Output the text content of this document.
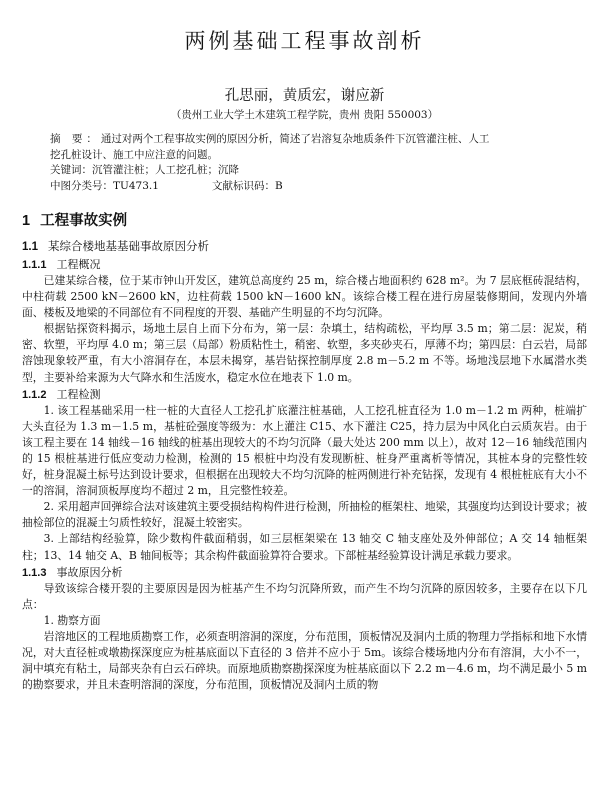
两例基础工程事故剖析
孔思丽，黄质宏，谢应新
（贵州工业大学土木建筑工程学院，贵州 贵阳 550003）

摘 要：通过对两个工程事故实例的原因分析，简述了岩溶复杂地质条件下沉管灌注桩、人工

挖孔桩设计、施工中应注意的问题。

关键词：沉管灌注桩；人工挖孔桩；沉降

中图分类号：TU473.1	文献标识码：B

1 工程事故实例
1.1 某综合楼地基基础事故原因分析
1.1.1 工程概况

已建某综合楼，位于某市钟山开发区，建筑总高度约 25 m，综合楼占地面积约 628 m²。为 7 层底框砖混结构，中柱荷载 2500 kN－2600 kN，边柱荷载 1500 kN－1600 kN。该综合楼工程在进行房屋装修期间，发现内外墙面、楼板及地梁的不同部位有不同程度的开裂、基础产生明显的不均匀沉降。

根据钻探资料揭示，场地土层自上而下分布为，第一层：杂填土，结构疏松，平均厚 3.5 m；第二层：泥炭，稍密、软塑，平均厚 4.0 m；第三层（局部）粉质粘性土，稍密、软塑，多夹砂夹石，厚薄不均；第四层：白云岩，局部溶蚀现象较严重，有大小溶洞存在，本层未揭穿，基岩钻探控制厚度 2.8 m－5.2 m 不等。场地浅层地下水属潜水类型，主要补给来源为大气降水和生活废水，稳定水位在地表下 1.0 m。

1.1.2 工程检测

1. 该工程基础采用一柱一桩的大直径人工挖孔扩底灌注桩基础，人工挖孔桩直径为 1.0 m－1.2 m 两种，桩端扩大头直径为 1.3 m－1.5 m，基桩砼强度等级为：水上灌注 C15、水下灌注 C25，持力层为中风化白云质灰岩。由于该工程主要在 14 轴线－16 轴线的桩基出现较大的不均匀沉降（最大处达 200 mm 以上），故对 12－16 轴线范围内的 15 根桩基进行低应变动力检测，检测的 15 根桩中均没有发现断桩、桩身严重离析等情况，其桩本身的完整性较好，桩身混凝土标号达到设计要求，但根据在出现较大不均匀沉降的桩两侧进行补充钻探，发现有 4 根桩桩底有大小不一的溶洞，溶洞顶板厚度均不超过 2 m，且完整性较差。

2. 采用超声回弹综合法对该建筑主要受损结构构件进行检测，所抽检的框架柱、地梁，其强度均达到设计要求；被抽检部位的混凝土匀质性较好，混凝土较密实。

3. 上部结构经验算，除少数构件截面稍弱，如三层框架梁在 13 轴交 C 轴支座处及外伸部位；A 交 14 轴框架柱；13、14 轴交 A、B 轴间板等；其余构件截面验算符合要求。下部桩基经验算设计满足承载力要求。

1.1.3 事故原因分析

导致该综合楼开裂的主要原因是因为桩基产生不均匀沉降所致，而产生不均匀沉降的原因较多，主要存在以下几点：

1. 勘察方面

岩溶地区的工程地质勘察工作，必须查明溶洞的深度，分布范围，顶板情况及洞内土质的物理力学指标和地下水情况，对大直径桩或墩勘探深度应为桩基底面以下直径的 3 倍并不应小于 5m。该综合楼场地内分布有溶洞，大小不一，洞中填充有粘土，局部夹杂有白云石碎块。而原地质勘察勘探深度为桩基底面以下 2.2 m－4.6 m，均不满足最小 5 m 的勘察要求，并且未查明溶洞的深度，分布范围，顶板情况及洞内土质的物
